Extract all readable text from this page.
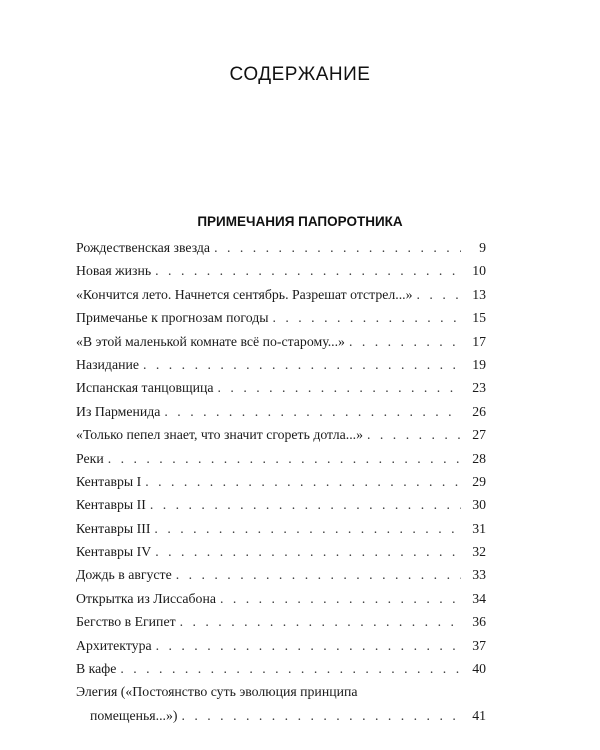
СОДЕРЖАНИЕ
ПРИМЕЧАНИЯ ПАПОРОТНИКА
Рождественская звезда . . .	9
Новая жизнь . . .	10
«Кончится лето. Начнется сентябрь. Разрешат отстрел...» . . .	13
Примечанье к прогнозам погоды . . .	15
«В этой маленькой комнате всё по-старому...» . . .	17
Назидание . . .	19
Испанская танцовщица . . .	23
Из Парменида . . .	26
«Только пепел знает, что значит сгореть дотла...» . . .	27
Реки . . .	28
Кентавры I . . .	29
Кентавры II . . .	30
Кентавры III . . .	31
Кентавры IV . . .	32
Дождь в августе . . .	33
Открытка из Лиссабона . . .	34
Бегство в Египет . . .	36
Архитектура . . .	37
В кафе . . .	40
Элегия («Постоянство суть эволюция принципа
помещенья...») . . .	41
